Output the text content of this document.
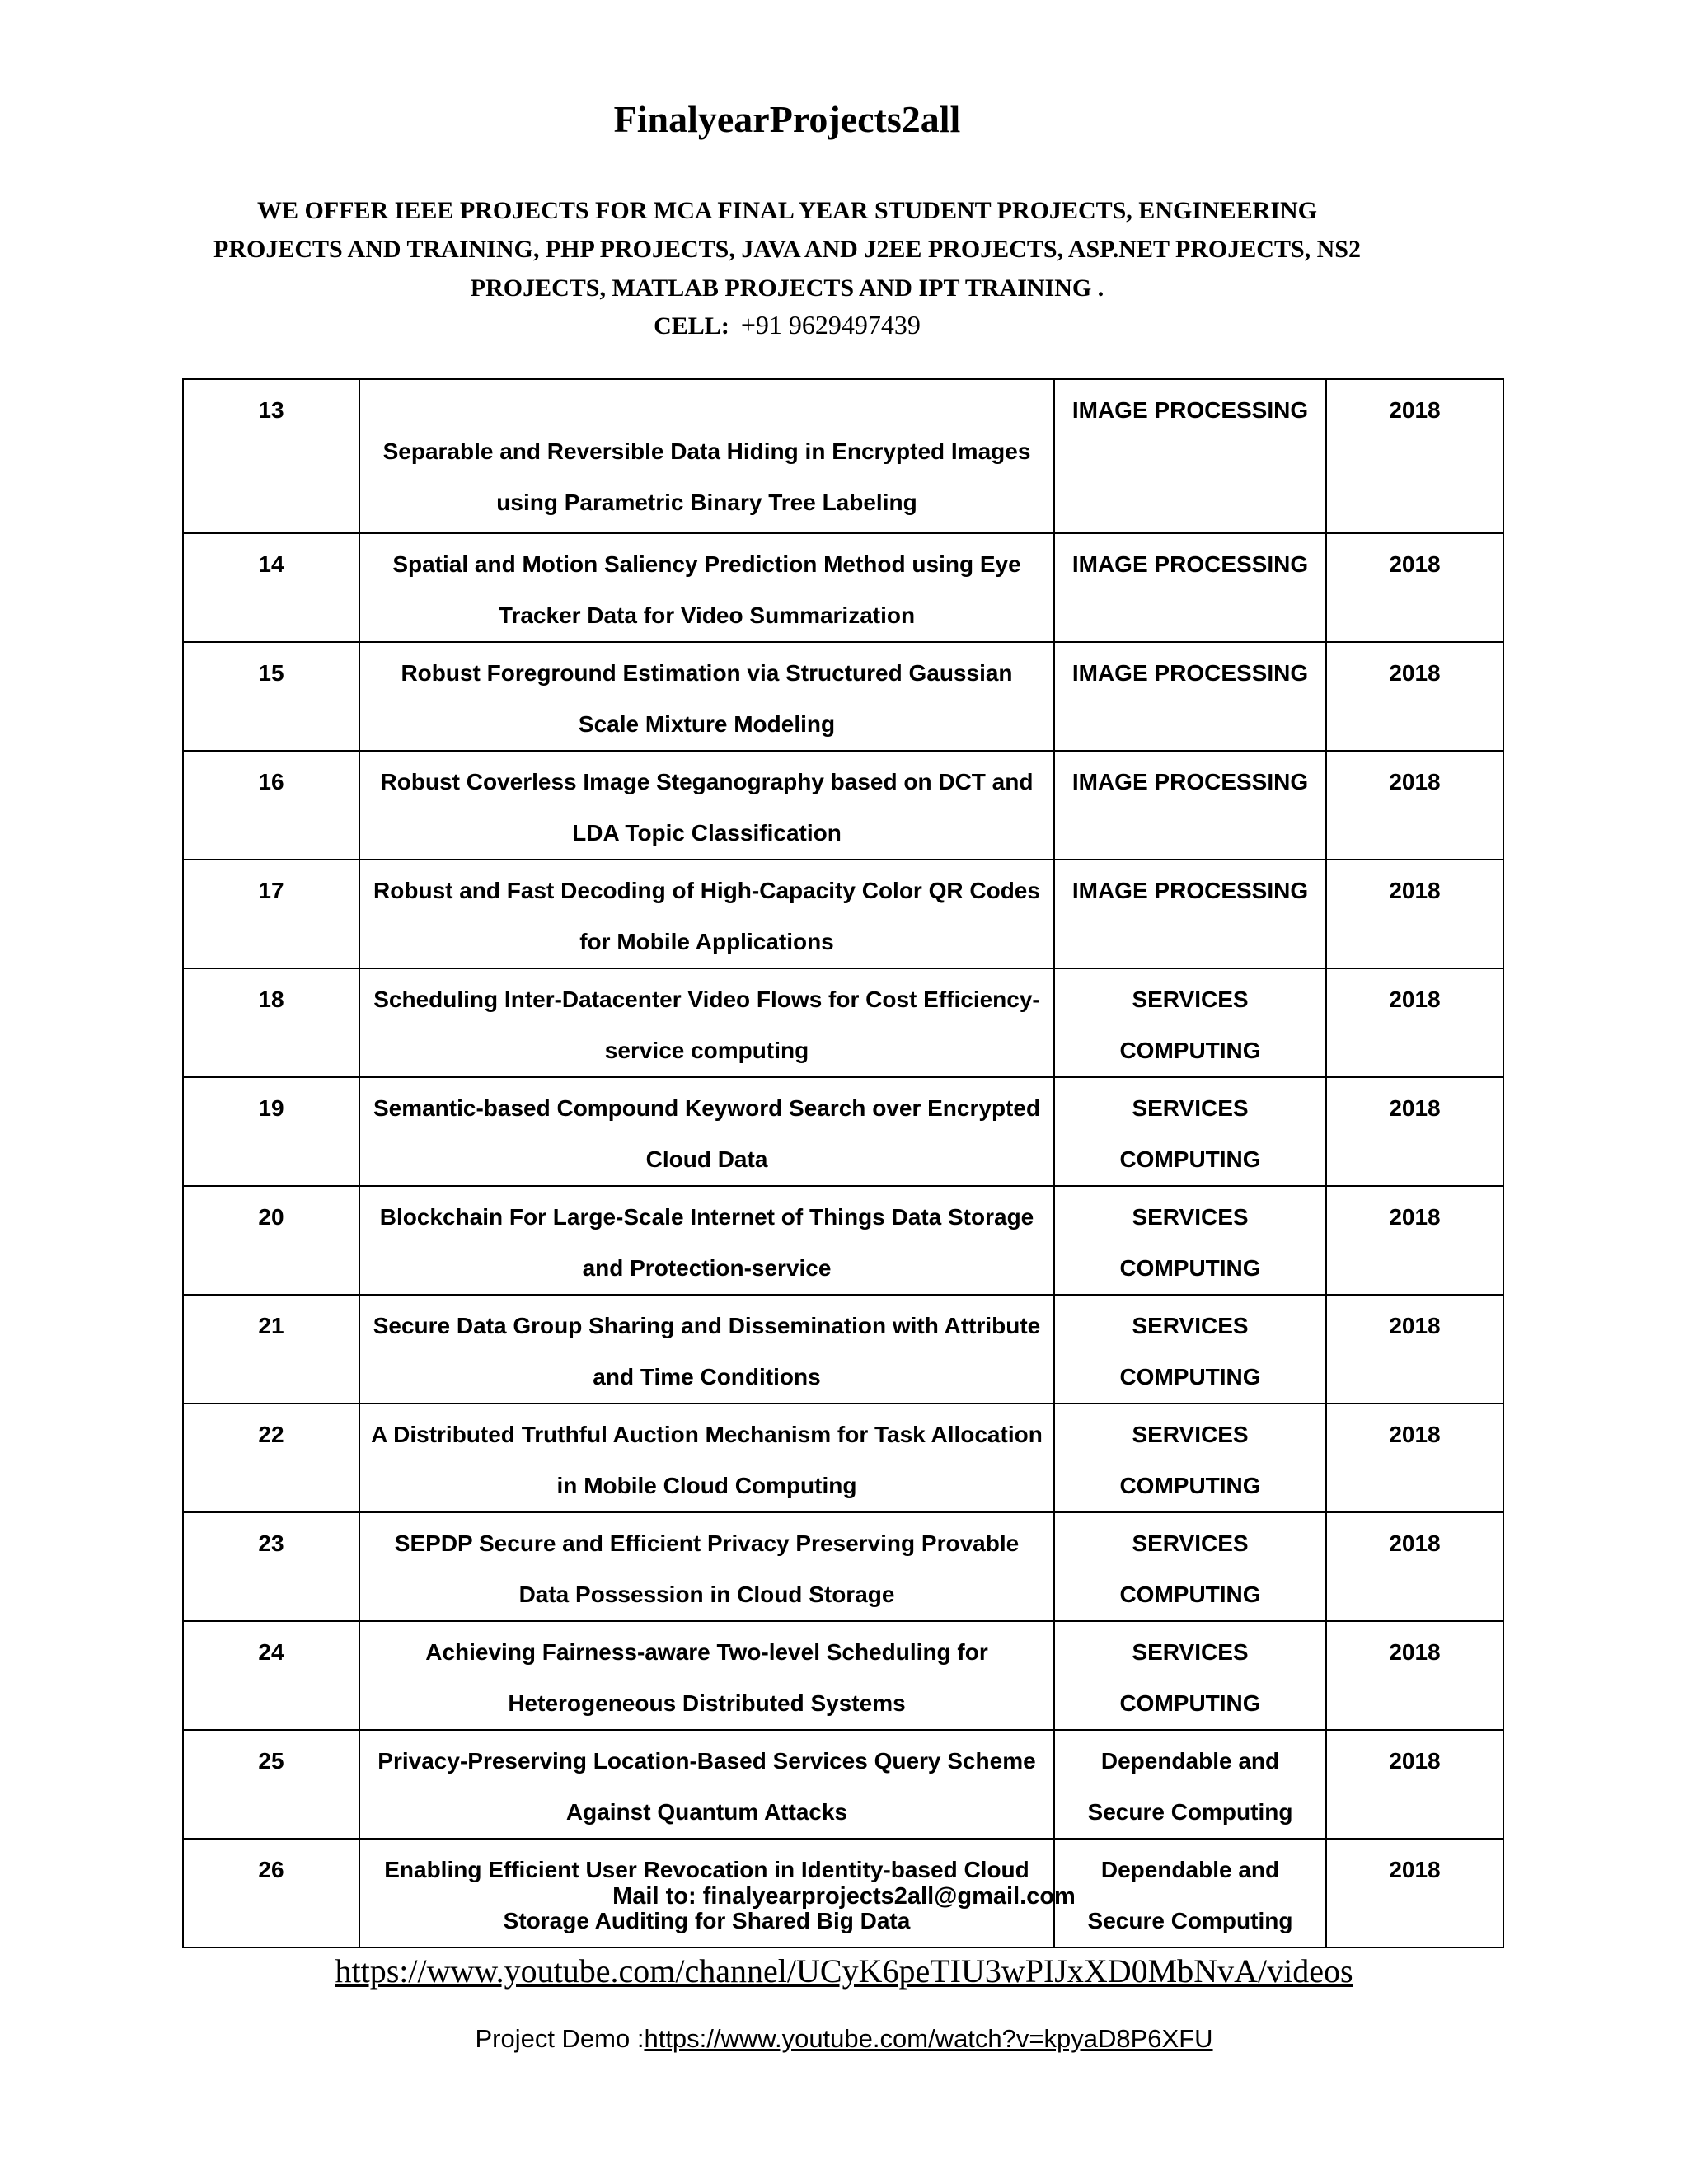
FinalyearProjects2all
WE OFFER IEEE PROJECTS FOR MCA FINAL YEAR STUDENT PROJECTS, ENGINEERING PROJECTS AND TRAINING, PHP PROJECTS, JAVA AND J2EE PROJECTS, ASP.NET PROJECTS, NS2 PROJECTS, MATLAB PROJECTS AND IPT TRAINING .
CELL: +91 9629497439
13	Separable and Reversible Data Hiding in Encrypted Images using Parametric Binary Tree Labeling	IMAGE PROCESSING	2018
14	Spatial and Motion Saliency Prediction Method using Eye Tracker Data for Video Summarization	IMAGE PROCESSING	2018
15	Robust Foreground Estimation via Structured Gaussian Scale Mixture Modeling	IMAGE PROCESSING	2018
16	Robust Coverless Image Steganography based on DCT and LDA Topic Classification	IMAGE PROCESSING	2018
17	Robust and Fast Decoding of High-Capacity Color QR Codes for Mobile Applications	IMAGE PROCESSING	2018
18	Scheduling Inter-Datacenter Video Flows for Cost Efficiency-service computing	SERVICES COMPUTING	2018
19	Semantic-based Compound Keyword Search over Encrypted Cloud Data	SERVICES COMPUTING	2018
20	Blockchain For Large-Scale Internet of Things Data Storage and Protection-service	SERVICES COMPUTING	2018
21	Secure Data Group Sharing and Dissemination with Attribute and Time Conditions	SERVICES COMPUTING	2018
22	A Distributed Truthful Auction Mechanism for Task Allocation in Mobile Cloud Computing	SERVICES COMPUTING	2018
23	SEPDP Secure and Efficient Privacy Preserving Provable Data Possession in Cloud Storage	SERVICES COMPUTING	2018
24	Achieving Fairness-aware Two-level Scheduling for Heterogeneous Distributed Systems	SERVICES COMPUTING	2018
25	Privacy-Preserving Location-Based Services Query Scheme Against Quantum Attacks	Dependable and Secure Computing	2018
26	Enabling Efficient User Revocation in Identity-based Cloud Storage Auditing for Shared Big Data	Dependable and Secure Computing	2018
Mail to: finalyearprojects2all@gmail.com
https://www.youtube.com/channel/UCyK6peTIU3wPIJxXD0MbNvA/videos
Project Demo :https://www.youtube.com/watch?v=kpyaD8P6XFU
